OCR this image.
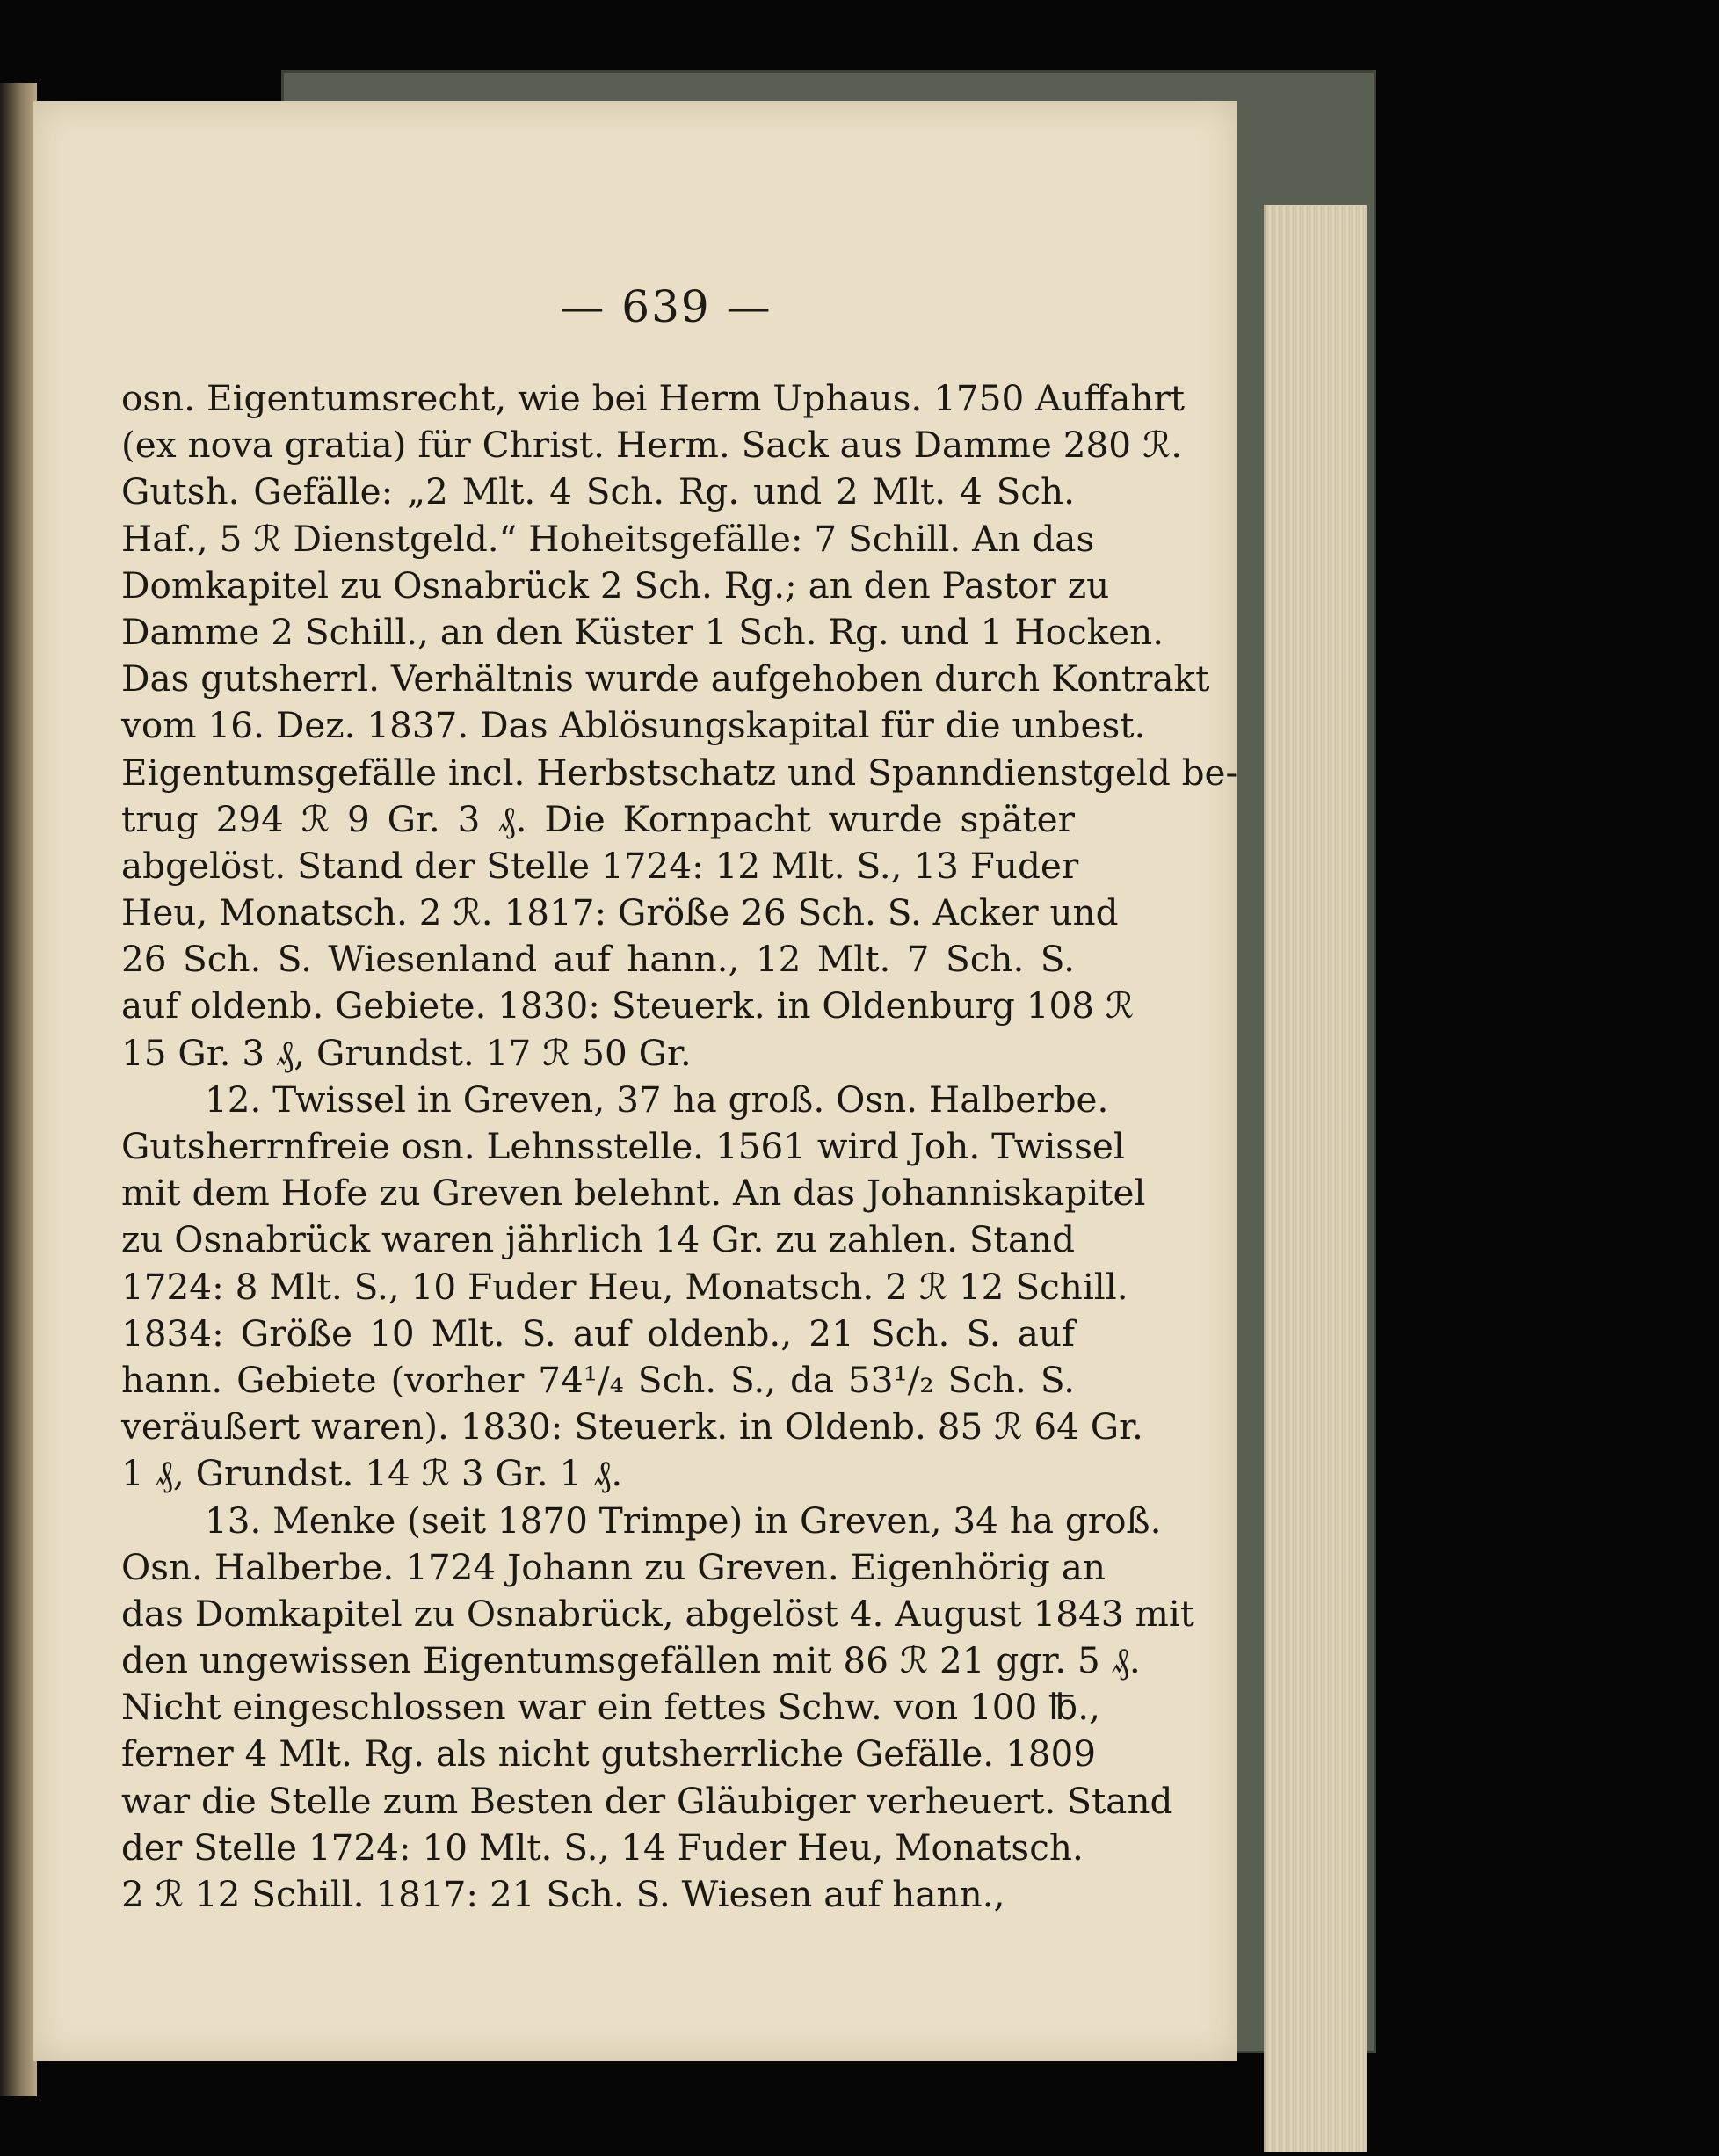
— 639 —
osn. Eigentumsrecht, wie bei Herm Uphaus. 1750 Auffahrt
(ex nova gratia) für Christ. Herm. Sack aus Damme 280 ℛ.
Gutsh. Gefälle: „2 Mlt. 4 Sch. Rg. und 2 Mlt. 4 Sch.
Haf., 5 ℛ Dienstgeld.“ Hoheitsgefälle: 7 Schill. An das
Domkapitel zu Osnabrück 2 Sch. Rg.; an den Pastor zu
Damme 2 Schill., an den Küster 1 Sch. Rg. und 1 Hocken.
Das gutsherrl. Verhältnis wurde aufgehoben durch Kontrakt
vom 16. Dez. 1837. Das Ablösungskapital für die unbest.
Eigentumsgefälle incl. Herbstschatz und Spanndienstgeld be-
trug 294 ℛ 9 Gr. 3 ₰. Die Kornpacht wurde später
abgelöst. Stand der Stelle 1724: 12 Mlt. S., 13 Fuder
Heu, Monatsch. 2 ℛ. 1817: Größe 26 Sch. S. Acker und
26 Sch. S. Wiesenland auf hann., 12 Mlt. 7 Sch. S.
auf oldenb. Gebiete. 1830: Steuerk. in Oldenburg 108 ℛ
15 Gr. 3 ₰, Grundst. 17 ℛ 50 Gr.
12. Twissel in Greven, 37 ha groß. Osn. Halberbe.
Gutsherrnfreie osn. Lehnsstelle. 1561 wird Joh. Twissel
mit dem Hofe zu Greven belehnt. An das Johanniskapitel
zu Osnabrück waren jährlich 14 Gr. zu zahlen. Stand
1724: 8 Mlt. S., 10 Fuder Heu, Monatsch. 2 ℛ 12 Schill.
1834: Größe 10 Mlt. S. auf oldenb., 21 Sch. S. auf
hann. Gebiete (vorher 74¹/₄ Sch. S., da 53¹/₂ Sch. S.
veräußert waren). 1830: Steuerk. in Oldenb. 85 ℛ 64 Gr.
1 ₰, Grundst. 14 ℛ 3 Gr. 1 ₰.
13. Menke (seit 1870 Trimpe) in Greven, 34 ha groß.
Osn. Halberbe. 1724 Johann zu Greven. Eigenhörig an
das Domkapitel zu Osnabrück, abgelöst 4. August 1843 mit
den ungewissen Eigentumsgefällen mit 86 ℛ 21 ggr. 5 ₰.
Nicht eingeschlossen war ein fettes Schw. von 100 ℔.,
ferner 4 Mlt. Rg. als nicht gutsherrliche Gefälle. 1809
war die Stelle zum Besten der Gläubiger verheuert. Stand
der Stelle 1724: 10 Mlt. S., 14 Fuder Heu, Monatsch.
2 ℛ 12 Schill. 1817: 21 Sch. S. Wiesen auf hann.,
